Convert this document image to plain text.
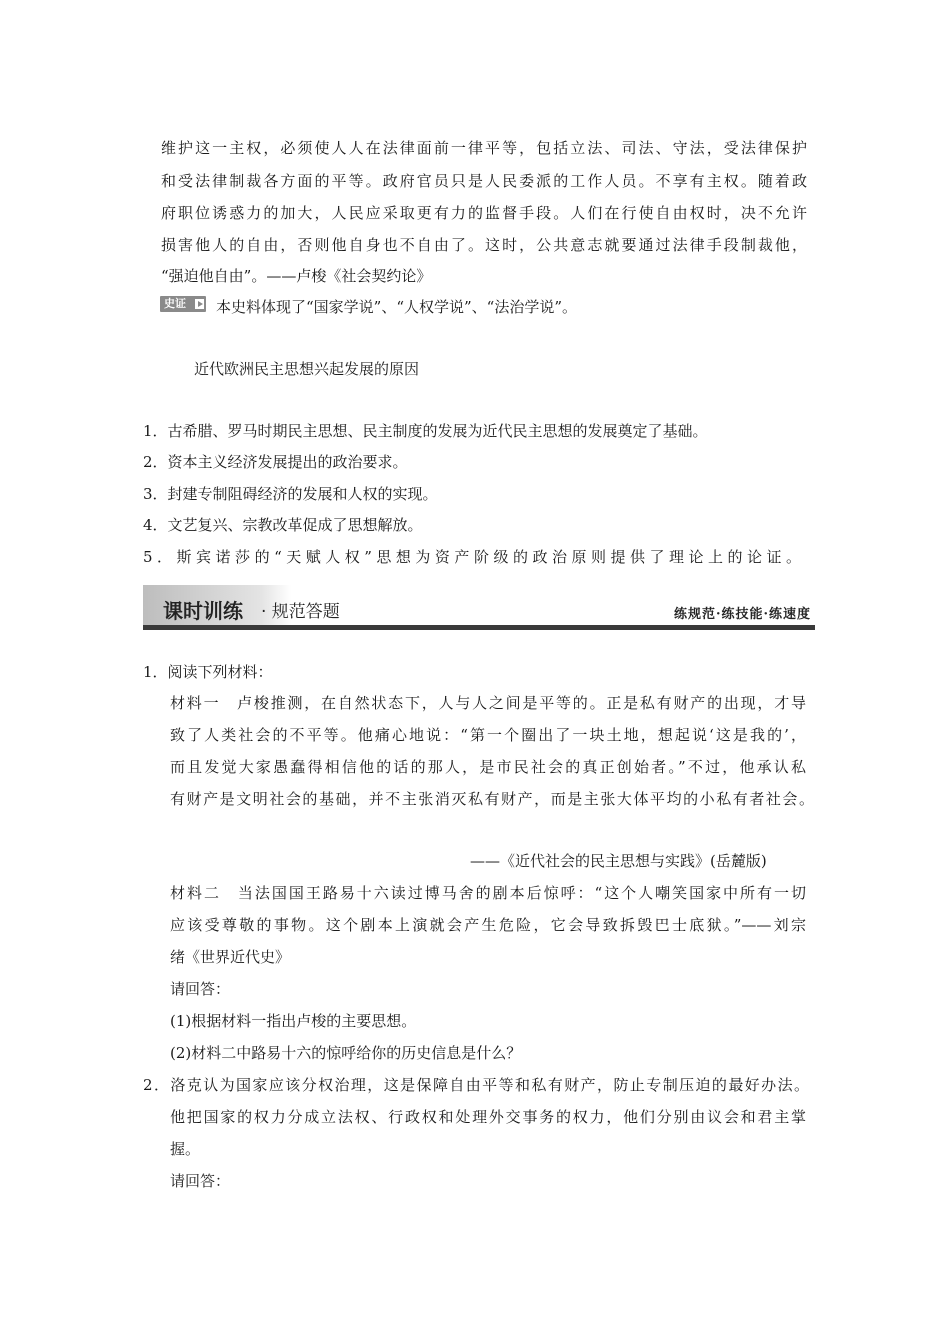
维护这一主权，必须使人人在法律面前一律平等，包括立法、司法、守法，受法律保护
和受法律制裁各方面的平等。政府官员只是人民委派的工作人员。不享有主权。随着政
府职位诱惑力的加大，人民应采取更有力的监督手段。人们在行使自由权时，决不允许
损害他人的自由，否则他自身也不自由了。这时，公共意志就要通过法律手段制裁他，
“强迫他自由”。——卢梭《社会契约论》
史证	本史料体现了“国家学说”、“人权学说”、“法治学说”。
近代欧洲民主思想兴起发展的原因
1．古希腊、罗马时期民主思想、民主制度的发展为近代民主思想的发展奠定了基础。
2．资本主义经济发展提出的政治要求。
3．封建专制阻碍经济的发展和人权的实现。
4．文艺复兴、宗教改革促成了思想解放。
5．斯宾诺莎的“天赋人权”思想为资产阶级的政治原则提供了理论上的论证。
课时训练 · 规范答题	练规范·练技能·练速度
1．阅读下列材料：
材料一　卢梭推测，在自然状态下，人与人之间是平等的。正是私有财产的出现，才导
致了人类社会的不平等。他痛心地说：“第一个圈出了一块土地，想起说‘这是我的’，
而且发觉大家愚蠢得相信他的话的那人，是市民社会的真正创始者。”不过，他承认私
有财产是文明社会的基础，并不主张消灭私有财产，而是主张大体平均的小私有者社会。
——《近代社会的民主思想与实践》(岳麓版)
材料二　当法国国王路易十六读过博马舍的剧本后惊呼：“这个人嘲笑国家中所有一切
应该受尊敬的事物。这个剧本上演就会产生危险，它会导致拆毁巴士底狱。”——刘宗
绪《世界近代史》
请回答：
(1)根据材料一指出卢梭的主要思想。
(2)材料二中路易十六的惊呼给你的历史信息是什么？
2．洛克认为国家应该分权治理，这是保障自由平等和私有财产，防止专制压迫的最好办法。
他把国家的权力分成立法权、行政权和处理外交事务的权力，他们分别由议会和君主掌
握。
请回答：
